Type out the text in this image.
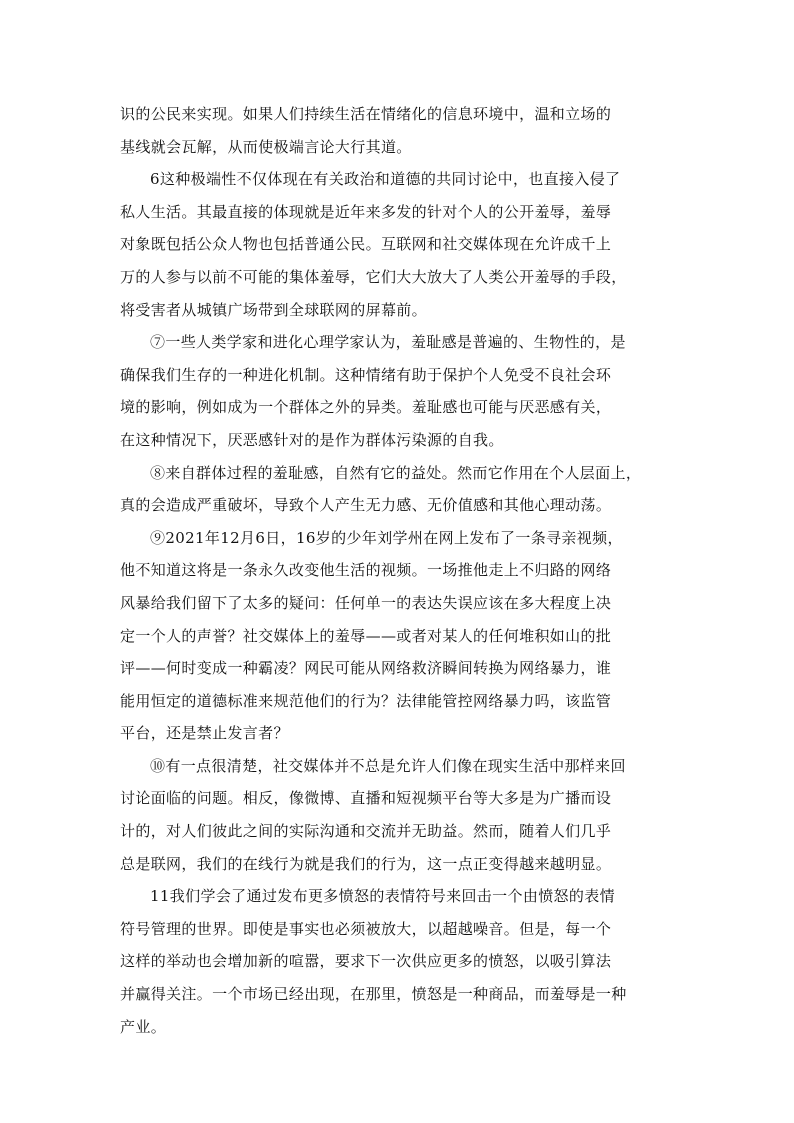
识的公民来实现。如果人们持续生活在情绪化的信息环境中，温和立场的
基线就会瓦解，从而使极端言论大行其道。
6这种极端性不仅体现在有关政治和道德的共同讨论中，也直接入侵了
私人生活。其最直接的体现就是近年来多发的针对个人的公开羞辱，羞辱
对象既包括公众人物也包括普通公民。互联网和社交媒体现在允许成千上
万的人参与以前不可能的集体羞辱，它们大大放大了人类公开羞辱的手段，
将受害者从城镇广场带到全球联网的屏幕前。
⑦一些人类学家和进化心理学家认为，羞耻感是普遍的、生物性的，是
确保我们生存的一种进化机制。这种情绪有助于保护个人免受不良社会环
境的影响，例如成为一个群体之外的异类。羞耻感也可能与厌恶感有关，
在这种情况下，厌恶感针对的是作为群体污染源的自我。
⑧来自群体过程的羞耻感，自然有它的益处。然而它作用在个人层面上，
真的会造成严重破坏，导致个人产生无力感、无价值感和其他心理动荡。
⑨2021年12月6日，16岁的少年刘学州在网上发布了一条寻亲视频，
他不知道这将是一条永久改变他生活的视频。一场推他走上不归路的网络
风暴给我们留下了太多的疑问：任何单一的表达失误应该在多大程度上决
定一个人的声誉？社交媒体上的羞辱——或者对某人的任何堆积如山的批
评——何时变成一种霸凌？网民可能从网络救济瞬间转换为网络暴力，谁
能用恒定的道德标准来规范他们的行为？法律能管控网络暴力吗，该监管
平台，还是禁止发言者？
⑩有一点很清楚，社交媒体并不总是允许人们像在现实生活中那样来回
讨论面临的问题。相反，像微博、直播和短视频平台等大多是为广播而设
计的，对人们彼此之间的实际沟通和交流并无助益。然而，随着人们几乎
总是联网，我们的在线行为就是我们的行为，这一点正变得越来越明显。
11我们学会了通过发布更多愤怒的表情符号来回击一个由愤怒的表情
符号管理的世界。即使是事实也必须被放大，以超越噪音。但是，每一个
这样的举动也会增加新的喧嚣，要求下一次供应更多的愤怒，以吸引算法
并赢得关注。一个市场已经出现，在那里，愤怒是一种商品，而羞辱是一种
产业。
